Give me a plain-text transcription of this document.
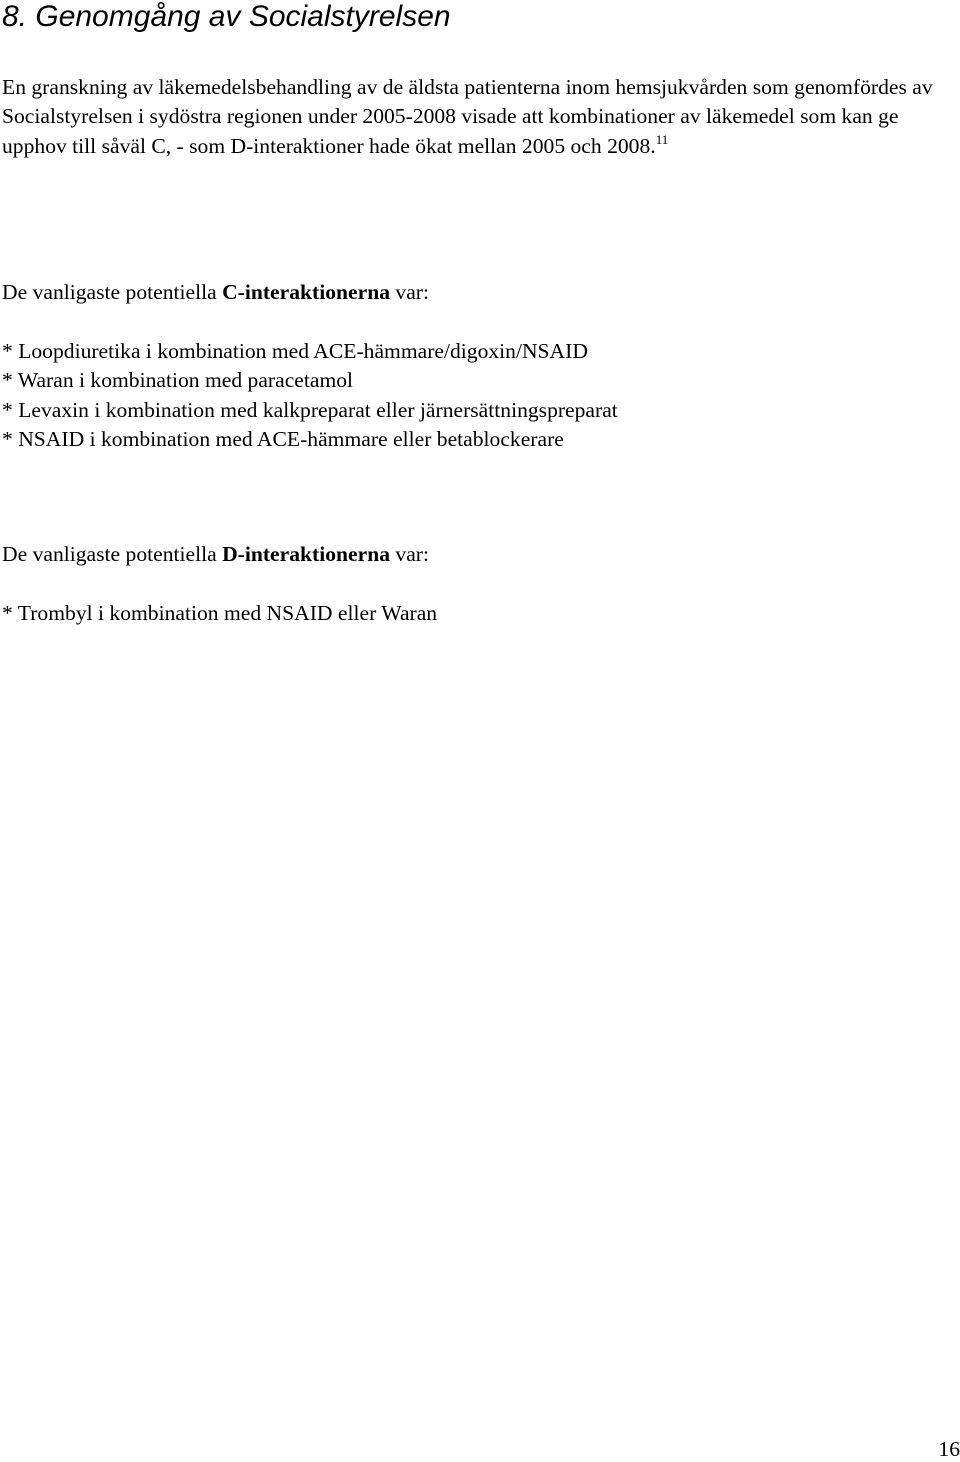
8. Genomgång av Socialstyrelsen

En granskning av läkemedelsbehandling av de äldsta patienterna inom hemsjukvården som genomfördes av Socialstyrelsen i sydöstra regionen under 2005-2008 visade att kombinationer av läkemedel som kan ge upphov till såväl C, - som D-interaktioner hade ökat mellan 2005 och 2008.11

De vanligaste potentiella C-interaktionerna var:

* Loopdiuretika i kombination med ACE-hämmare/digoxin/NSAID
* Waran i kombination med paracetamol
* Levaxin i kombination med kalkpreparat eller järnersättningspreparat
* NSAID i kombination med ACE-hämmare eller betablockerare

De vanligaste potentiella D-interaktionerna var:

* Trombyl i kombination med NSAID eller Waran

16
